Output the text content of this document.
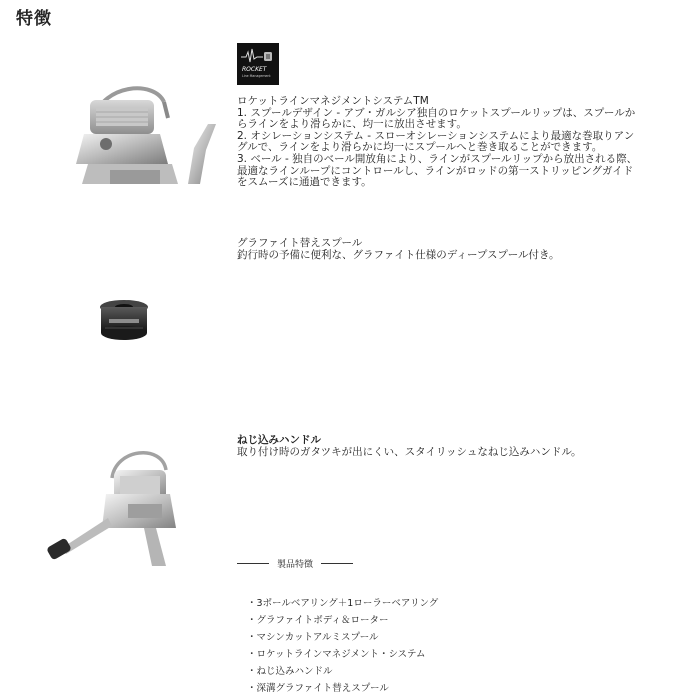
特徴
ROCKET
Line Management
ロケットラインマネジメントシステムTM
1. スプールデザイン - アブ・ガルシア独自のロケットスプールリップは、スプールか
らラインをより滑らかに、均一に放出させます。
2. オシレーションシステム - スローオシレーションシステムにより最適な巻取りアン
グルで、ラインをより滑らかに均一にスプールへと巻き取ることができます。
3. ベール - 独自のベール開放角により、ラインがスプールリップから放出される際、
最適なラインループにコントロールし、ラインがロッドの第一ストリッピングガイド
をスムーズに通過できます。
グラファイト替えスプール
釣行時の予備に便利な、グラファイト仕様のディープスプール付き。
ねじ込みハンドル
取り付け時のガタツキが出にくい、スタイリッシュなねじ込みハンドル。
製品特徴
・3ボールベアリング＋1ローラーベアリング
・グラファイトボディ＆ローター
・マシンカットアルミスプール
・ロケットラインマネジメント・システム
・ねじ込みハンドル
・深溝グラファイト替えスプール
